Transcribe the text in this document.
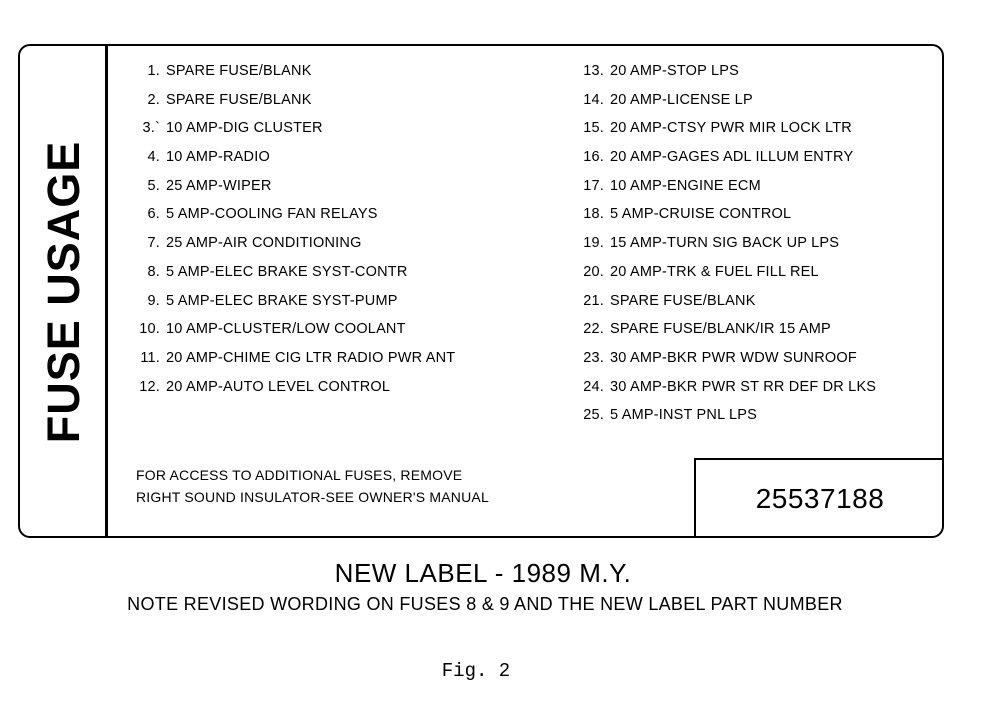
FUSE USAGE
1. SPARE FUSE/BLANK
2. SPARE FUSE/BLANK
3.` 10 AMP-DIG CLUSTER
4. 10 AMP-RADIO
5. 25 AMP-WIPER
6. 5 AMP-COOLING FAN RELAYS
7. 25 AMP-AIR CONDITIONING
8. 5 AMP-ELEC BRAKE SYST-CONTR
9. 5 AMP-ELEC BRAKE SYST-PUMP
10. 10 AMP-CLUSTER/LOW COOLANT
11. 20 AMP-CHIME CIG LTR RADIO PWR ANT
12. 20 AMP-AUTO LEVEL CONTROL
13. 20 AMP-STOP LPS
14. 20 AMP-LICENSE LP
15. 20 AMP-CTSY PWR MIR LOCK LTR
16. 20 AMP-GAGES ADL ILLUM ENTRY
17. 10 AMP-ENGINE ECM
18. 5 AMP-CRUISE CONTROL
19. 15 AMP-TURN SIG BACK UP LPS
20. 20 AMP-TRK & FUEL FILL REL
21. SPARE FUSE/BLANK
22. SPARE FUSE/BLANK/IR 15 AMP
23. 30 AMP-BKR PWR WDW SUNROOF
24. 30 AMP-BKR PWR ST RR DEF DR LKS
25. 5 AMP-INST PNL LPS
FOR ACCESS TO ADDITIONAL FUSES, REMOVE
RIGHT SOUND INSULATOR-SEE OWNER'S MANUAL	25537188
NEW LABEL - 1989 M.Y.
NOTE REVISED WORDING ON FUSES 8 & 9 AND THE NEW LABEL PART NUMBER
Fig. 2
